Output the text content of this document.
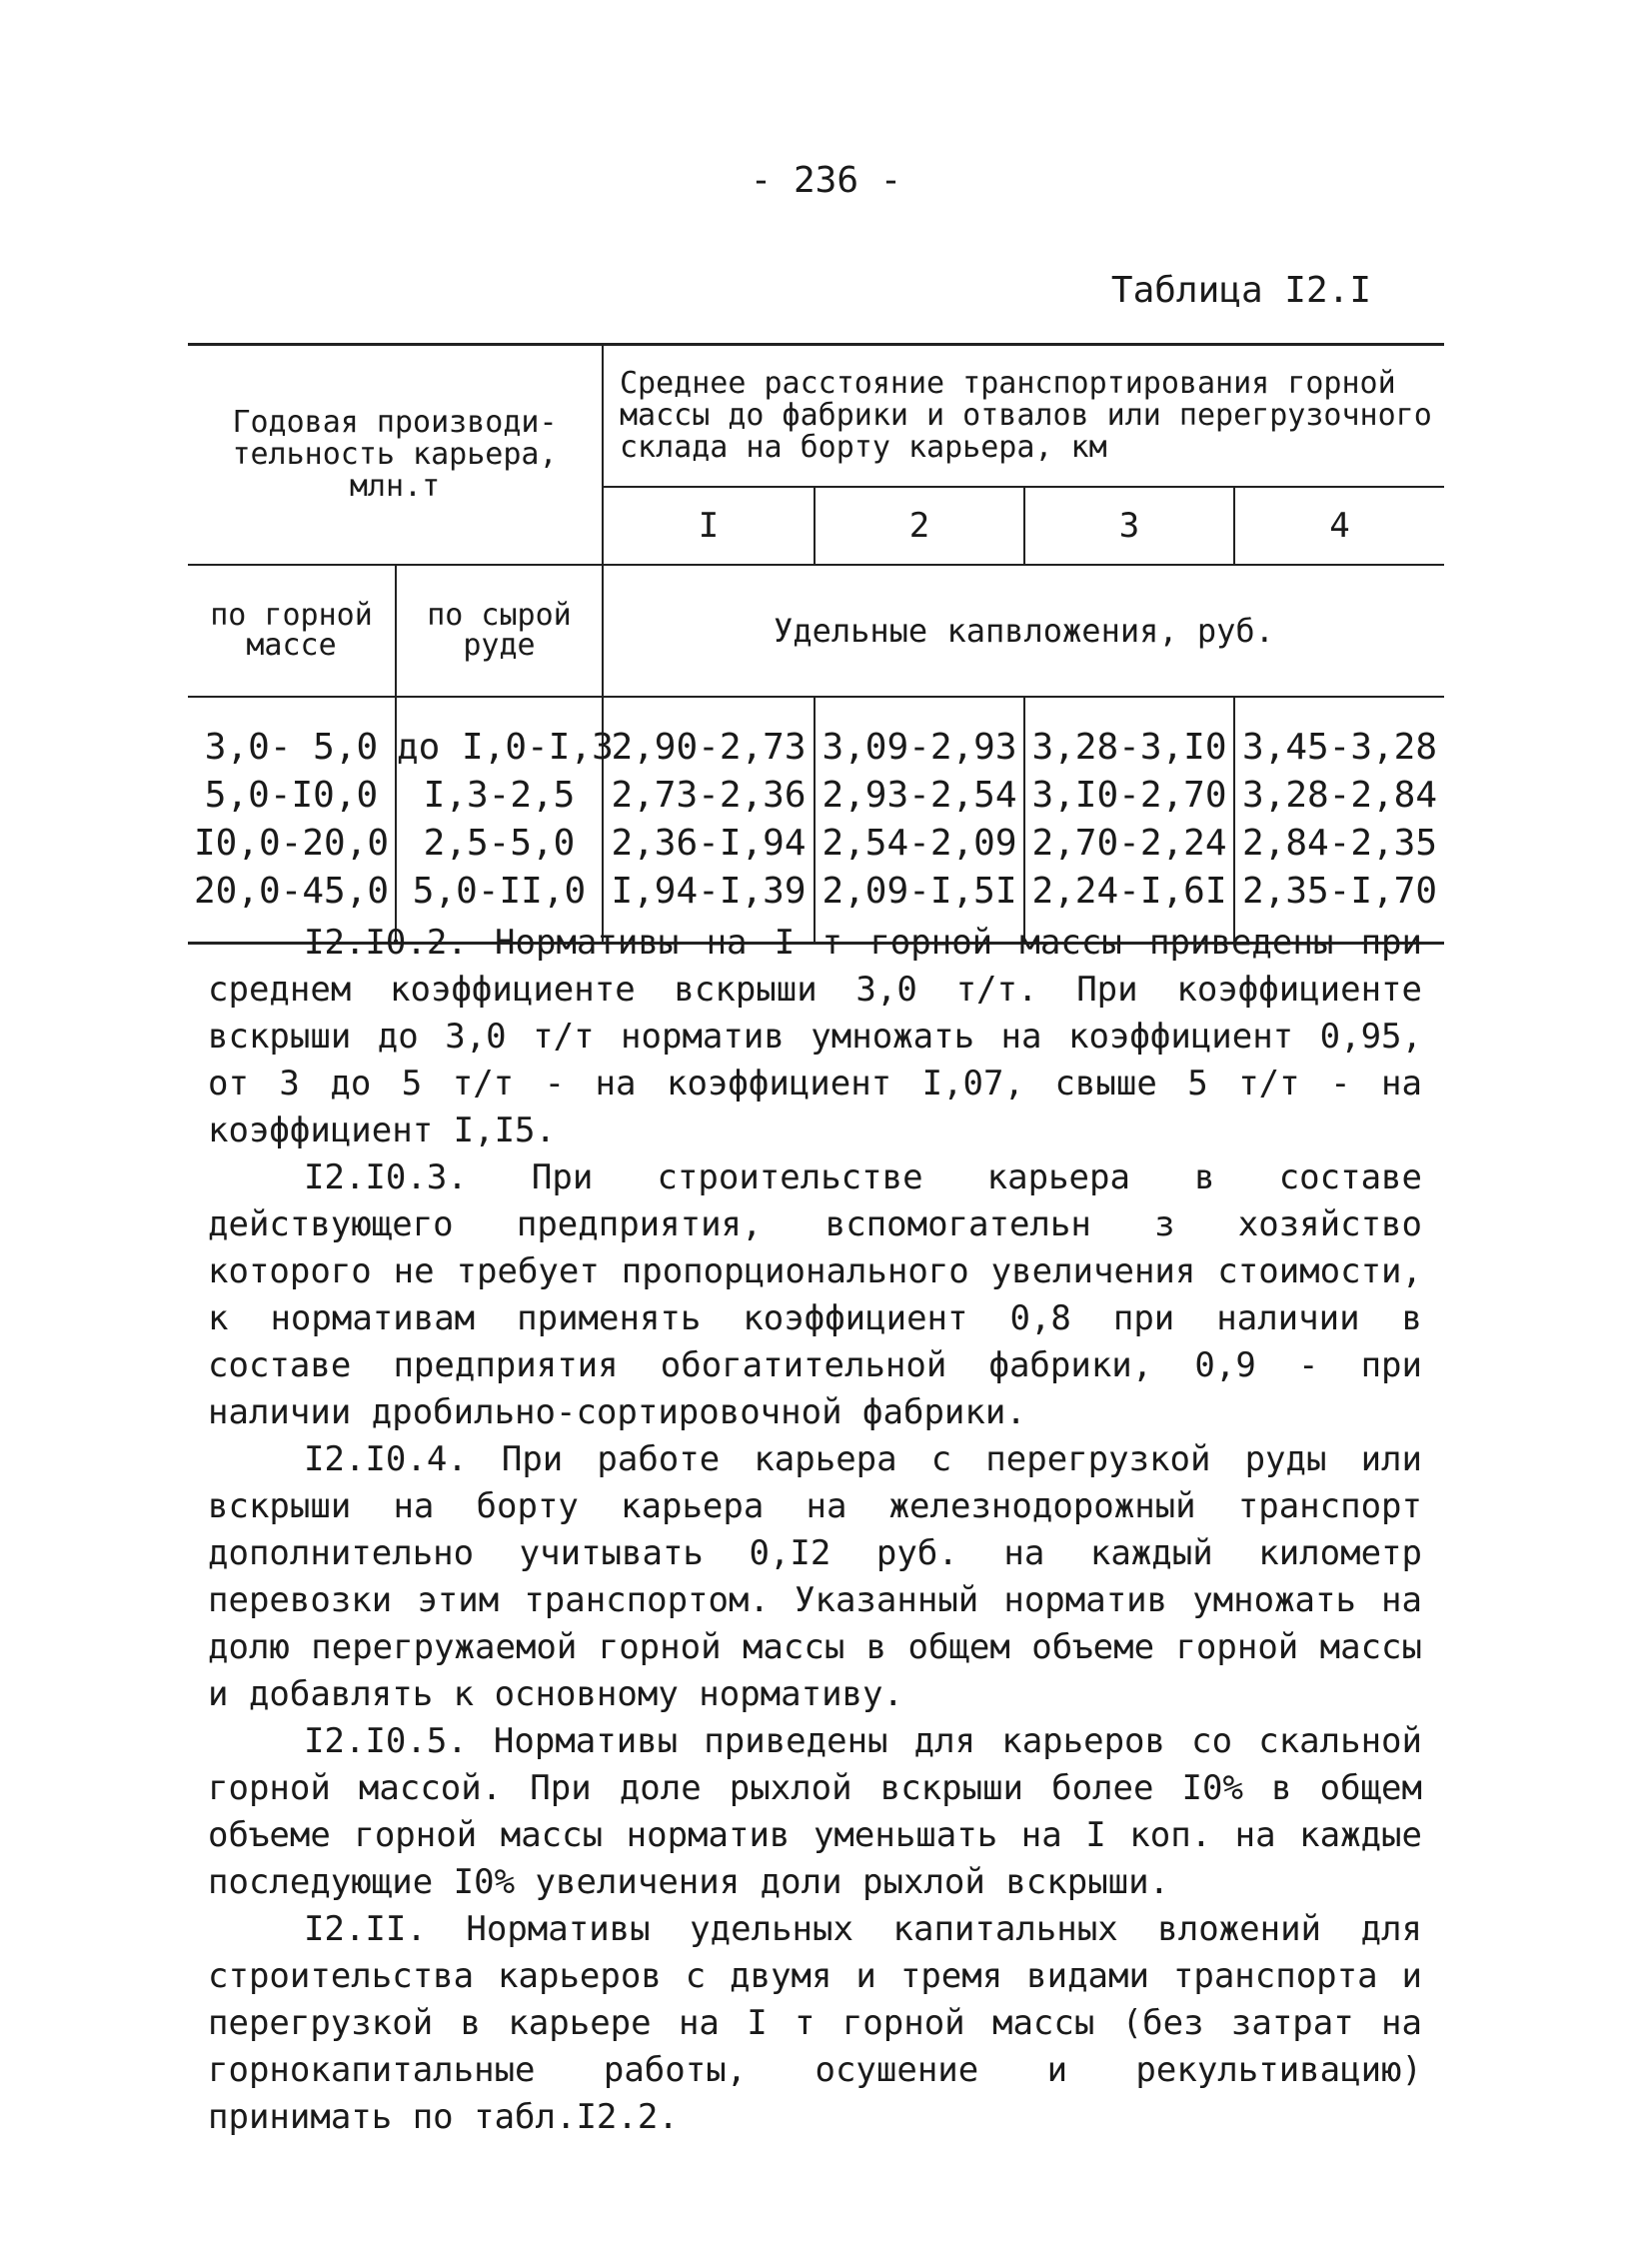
- 236 -
Таблица I2.I
Годовая производи-тельность карьера, млн.т		Среднее расстояние транспортирования горной массы до фабрики и отвалов или перегрузочного склада на борту карьера, км			
		I	2	3	4
по горной массе	по сырой руде	Удельные капвложения, руб.			
3,0- 5,0	до I,0-I,3	2,90-2,73	3,09-2,93	3,28-3,I0	3,45-3,28
5,0-I0,0	I,3-2,5	2,73-2,36	2,93-2,54	3,I0-2,70	3,28-2,84
I0,0-20,0	2,5-5,0	2,36-I,94	2,54-2,09	2,70-2,24	2,84-2,35
20,0-45,0	5,0-II,0	I,94-I,39	2,09-I,5I	2,24-I,6I	2,35-I,70

I2.I0.2. Нормативы на I т горной массы приведены при среднем коэффициенте вскрыши 3,0 т/т. При коэффициенте вскрыши до 3,0 т/т норматив умножать на коэффициент 0,95, от 3 до 5 т/т - на коэффициент I,07, свыше 5 т/т - на коэффициент I,I5.

I2.I0.3. При строительстве карьера в составе действующего предприятия, вспомогательн з хозяйство которого не требует пропорционального увеличения стоимости, к нормативам применять коэффициент 0,8 при наличии в составе предприятия обогатительной фабрики, 0,9 - при наличии дробильно-сортировочной фабрики.

I2.I0.4. При работе карьера с перегрузкой руды или вскрыши на борту карьера на железнодорожный транспорт дополнительно учитывать 0,I2 руб. на каждый километр перевозки этим транспортом. Указанный норматив умножать на долю перегружаемой горной массы в общем объеме горной массы и добавлять к основному нормативу.

I2.I0.5. Нормативы приведены для карьеров со скальной горной массой. При доле рыхлой вскрыши более I0% в общем объеме горной массы норматив уменьшать на I коп. на каждые последующие I0% увеличения доли рыхлой вскрыши.

I2.II. Нормативы удельных капитальных вложений для строительства карьеров с двумя и тремя видами транспорта и перегрузкой в карьере на I т горной массы (без затрат на горнокапитальные работы, осушение и рекультивацию) принимать по табл.I2.2.
